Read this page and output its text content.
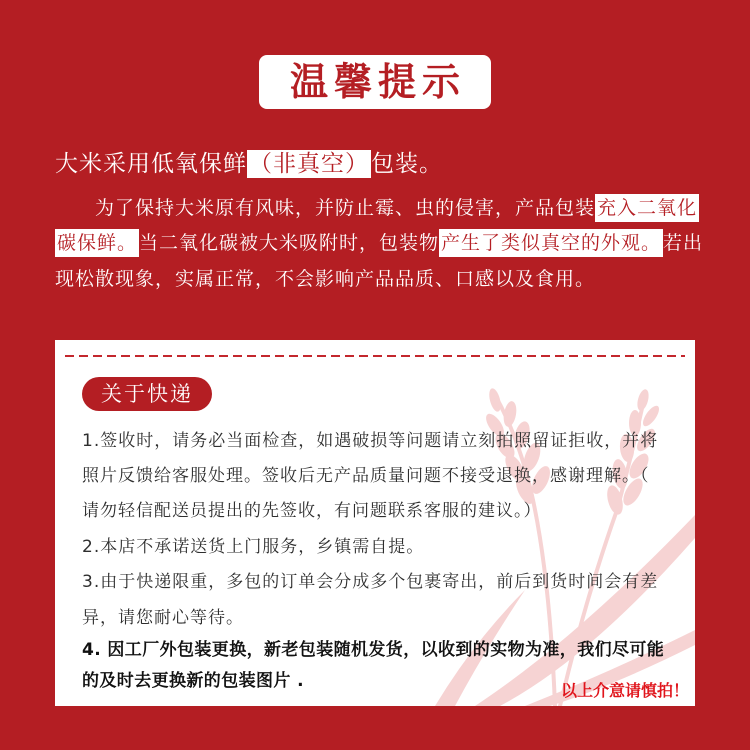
温馨提示
大米采用低氧保鲜（非真空）包装。
为了保持大米原有风味，并防止霉、虫的侵害，产品包装 充入二氧化
碳保鲜。 当二氧化碳被大米吸附时，包装物 产生了类似真空的外观。 若出
现松散现象，实属正常，不会影响产品品质、口感以及食用。
关于快递
1.签收时，请务必当面检查，如遇破损等问题请立刻拍照留证拒收，并将
照片反馈给客服处理。签收后无产品质量问题不接受退换，感谢理解。（
请勿轻信配送员提出的先签收，有问题联系客服的建议。）
2.本店不承诺送货上门服务，乡镇需自提。
3.由于快递限重，多包的订单会分成多个包裹寄出，前后到货时间会有差
异，请您耐心等待。
4. 因工厂外包装更换，新老包装随机发货，以收到的实物为准，我们尽可能
的及时去更换新的包装图片 .	以上介意请慎拍！
